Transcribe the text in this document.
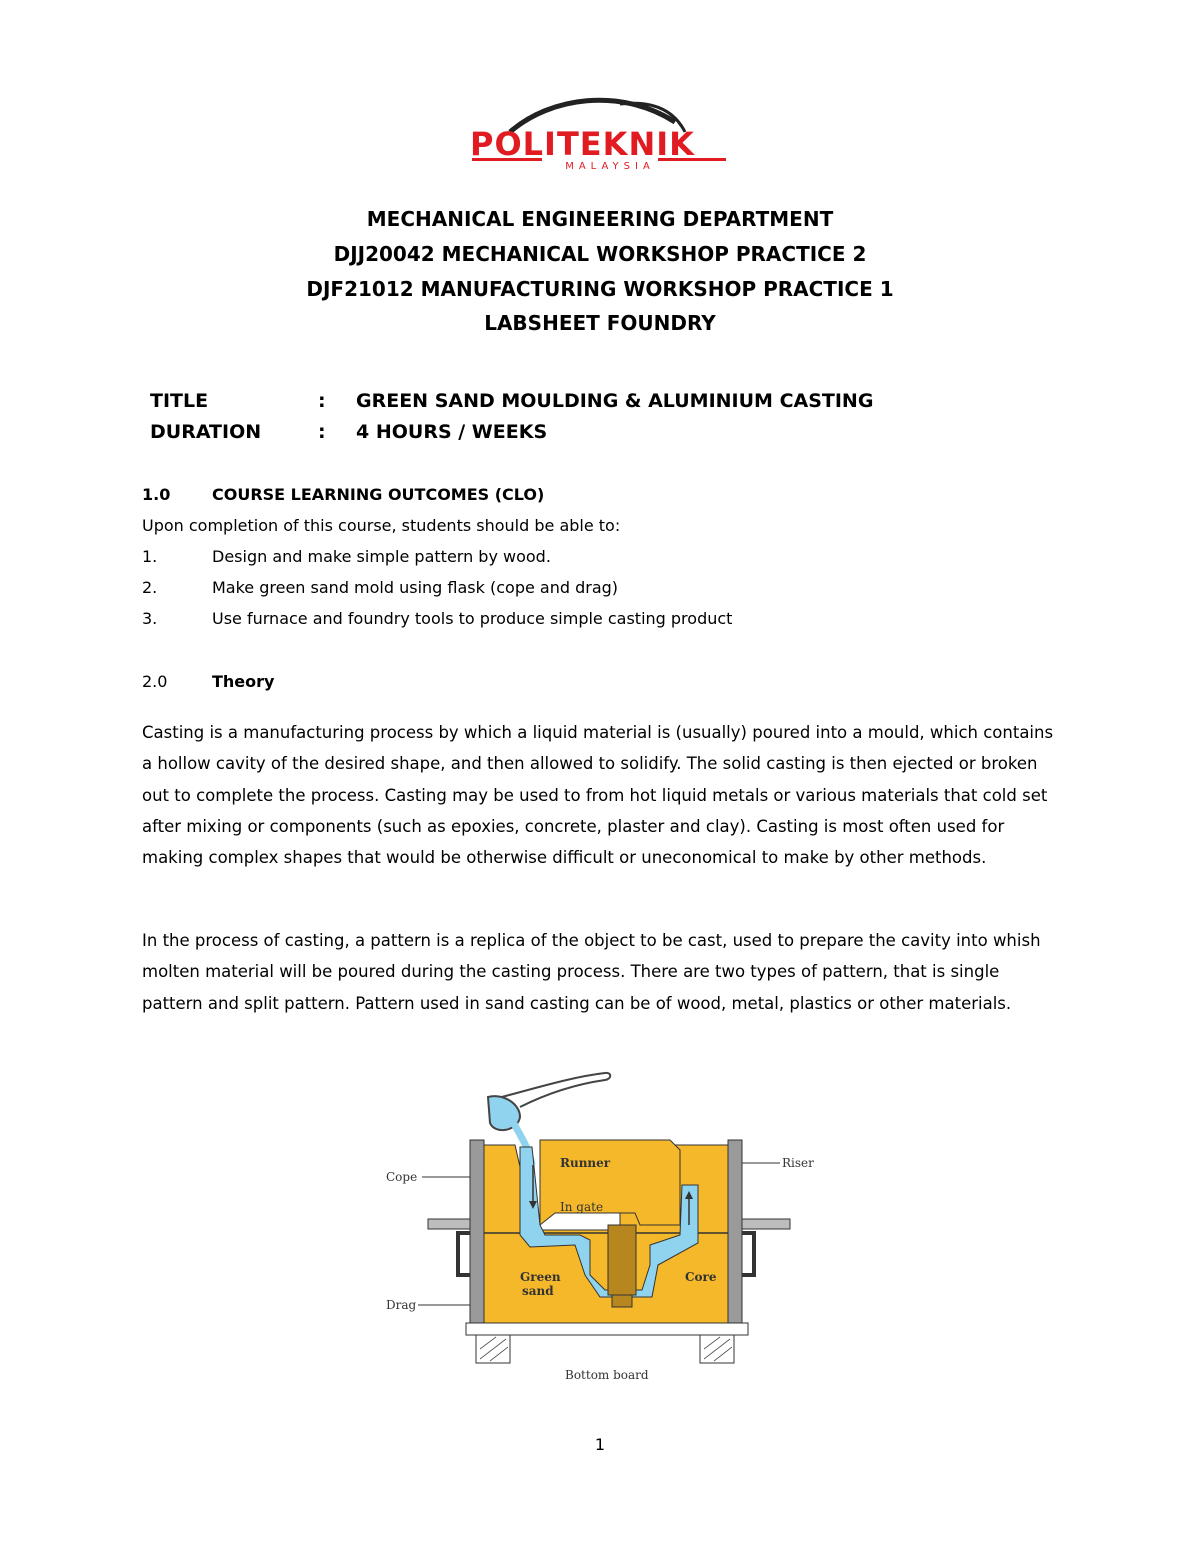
POLITEKNIK
MALAYSIA
MECHANICAL ENGINEERING DEPARTMENT
DJJ20042 MECHANICAL WORKSHOP PRACTICE 2
DJF21012 MANUFACTURING WORKSHOP PRACTICE 1
LABSHEET FOUNDRY
TITLE	: GREEN SAND MOULDING & ALUMINIUM CASTING
DURATION	: 4 HOURS / WEEKS
1.0	COURSE LEARNING OUTCOMES (CLO)
Upon completion of this course, students should be able to:
1.	Design and make simple pattern by wood.
2.	Make green sand mold using flask (cope and drag)
3.	Use furnace and foundry tools to produce simple casting product
2.0	Theory
Casting is a manufacturing process by which a liquid material is (usually) poured into a mould, which contains a hollow cavity of the desired shape, and then allowed to solidify. The solid casting is then ejected or broken out to complete the process. Casting may be used to from hot liquid metals or various materials that cold set after mixing or components (such as epoxies, concrete, plaster and clay). Casting is most often used for making complex shapes that would be otherwise difficult or uneconomical to make by other methods.
In the process of casting, a pattern is a replica of the object to be cast, used to prepare the cavity into whish molten material will be poured during the casting process. There are two types of pattern, that is single pattern and split pattern. Pattern used in sand casting can be of wood, metal, plastics or other materials.
Cope
Drag
Runner
In gate
Riser
Green
sand
Core
Bottom board
1
